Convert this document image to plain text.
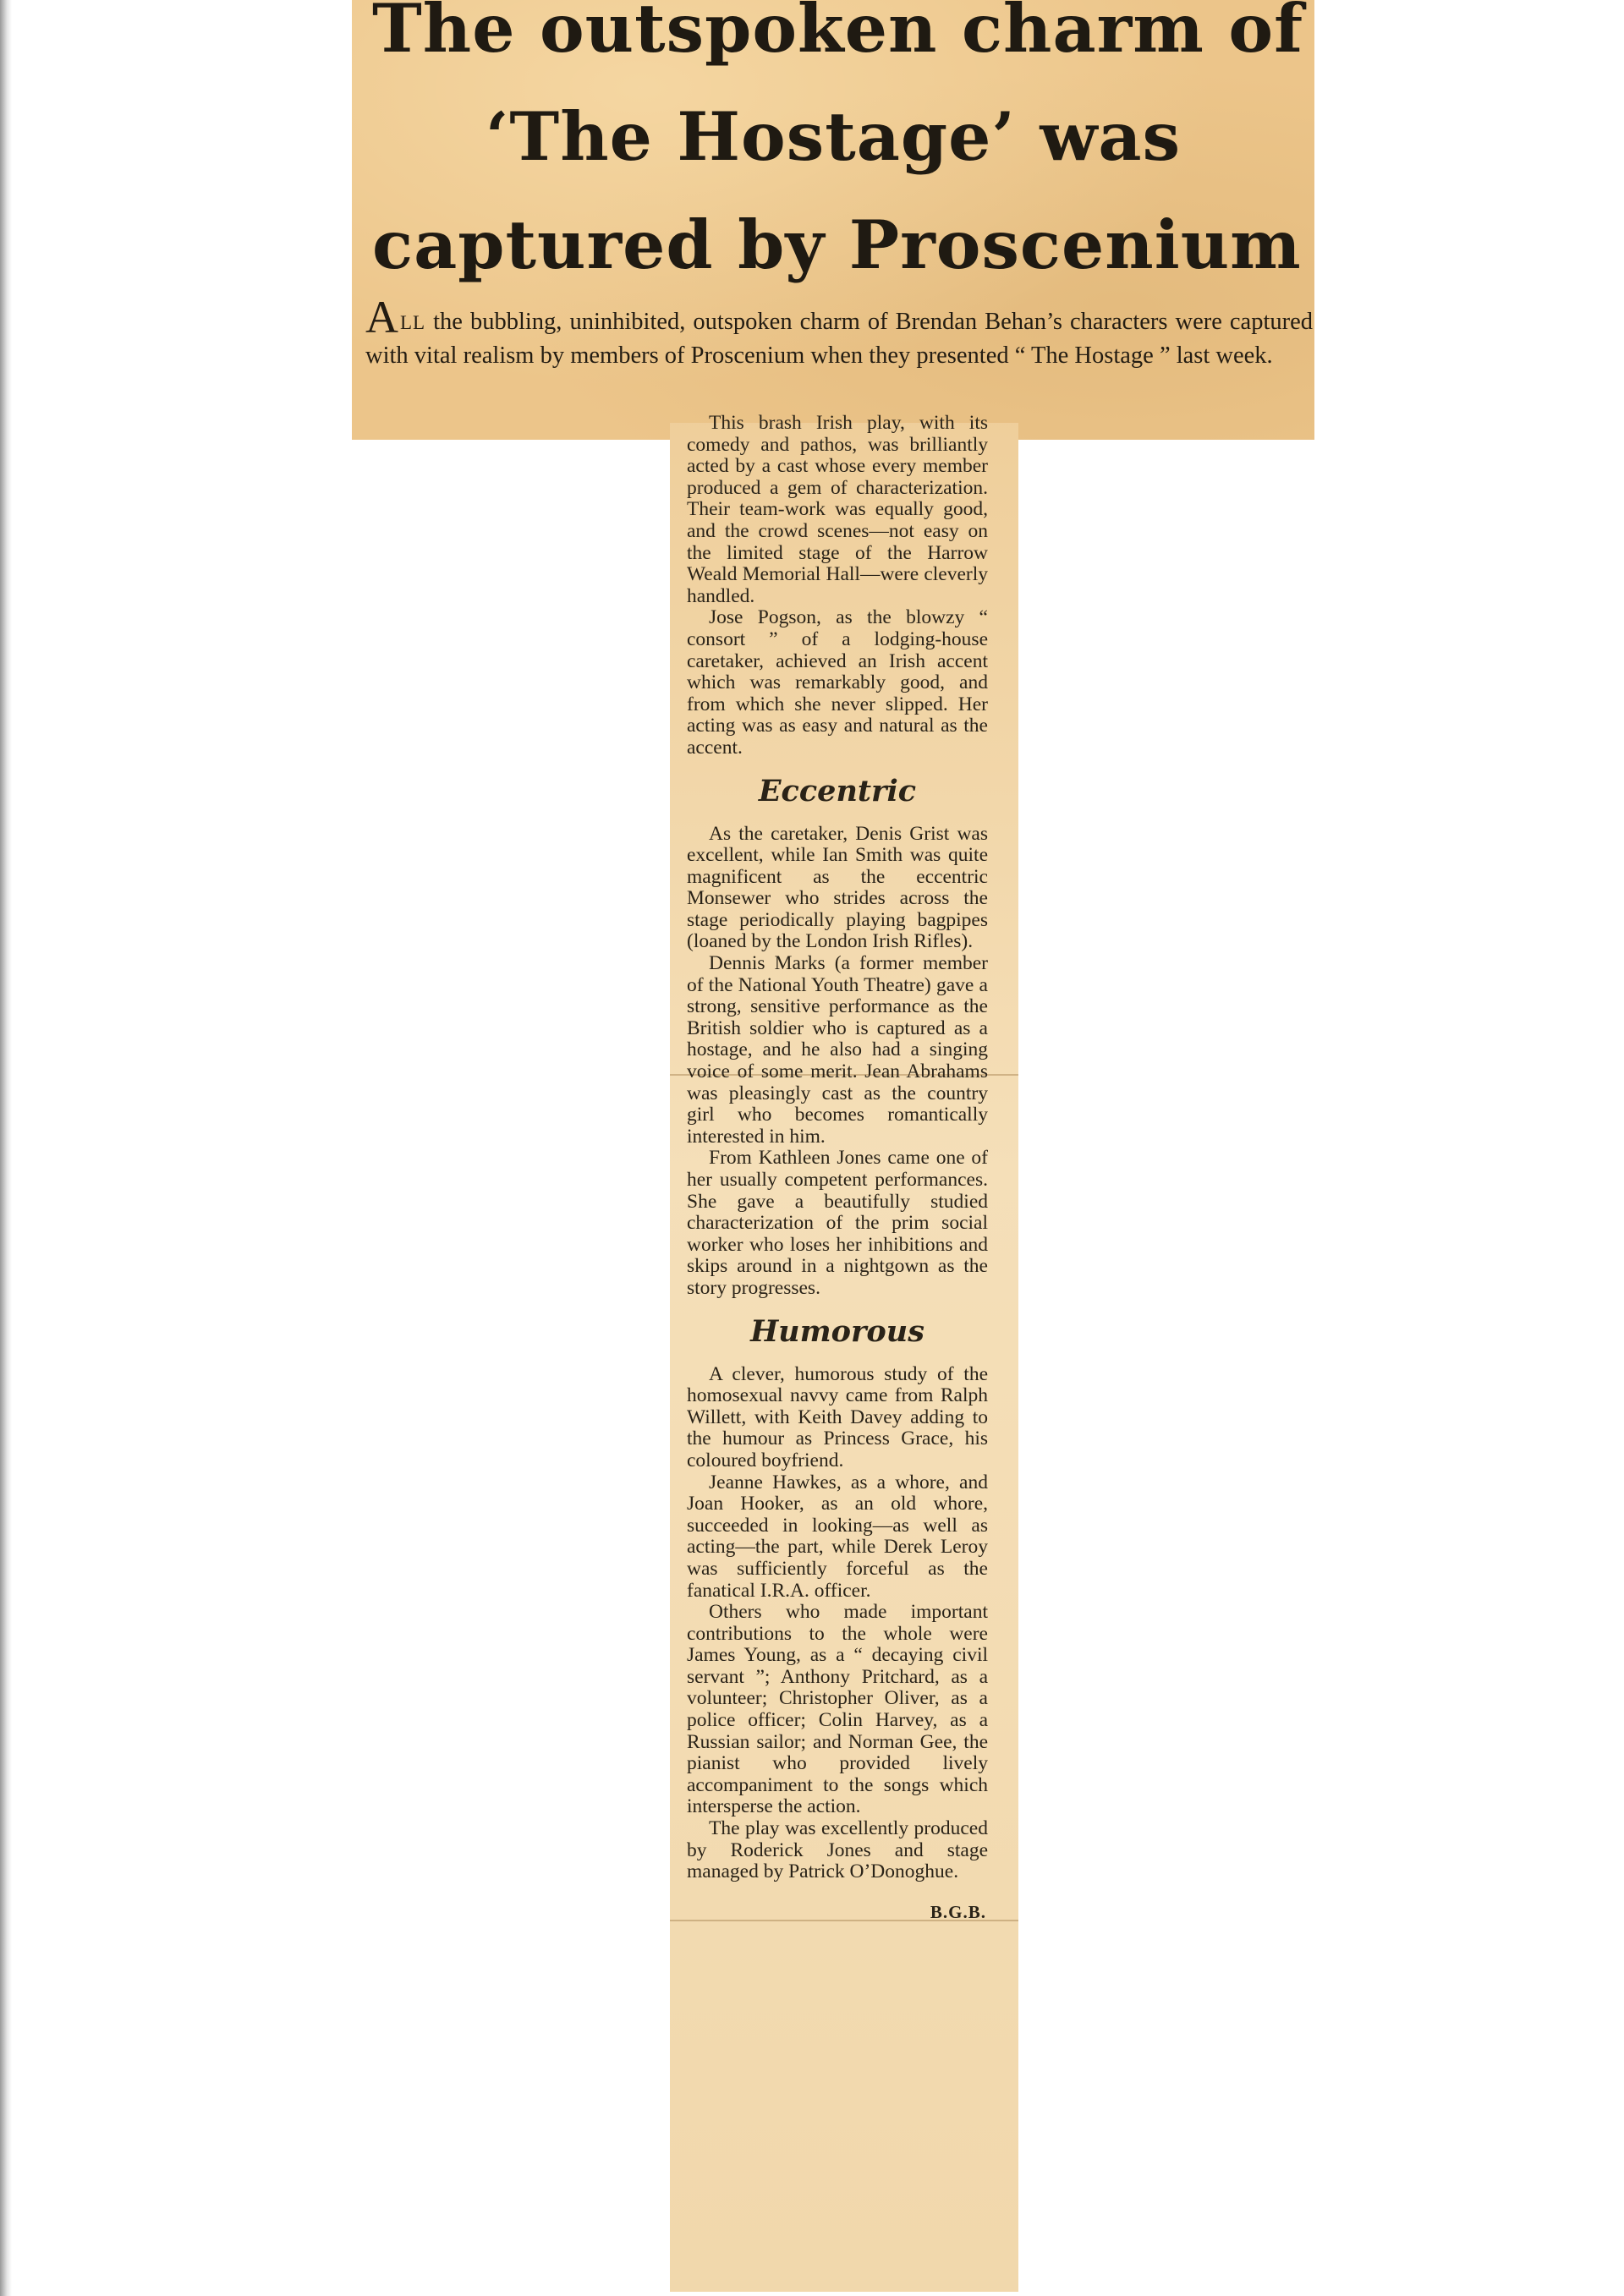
The outspoken charm of
‘The Hostage’ was
captured by Proscenium
ALL the bubbling, uninhibited, outspoken charm of Brendan Behan’s characters were captured with vital realism by members of Proscenium when they presented “ The Hostage ” last week.

This brash Irish play, with its comedy and pathos, was brilliantly acted by a cast whose every member produced a gem of characterization. Their team-work was equally good, and the crowd scenes—not easy on the limited stage of the Harrow Weald Memorial Hall—were cleverly handled.

Jose Pogson, as the blowzy “ consort ” of a lodging-house caretaker, achieved an Irish accent which was remarkably good, and from which she never slipped. Her acting was as easy and natural as the accent.

Eccentric

As the caretaker, Denis Grist was excellent, while Ian Smith was quite magnificent as the eccentric Monsewer who strides across the stage periodically playing bagpipes (loaned by the London Irish Rifles).

Dennis Marks (a former member of the National Youth Theatre) gave a strong, sensitive performance as the British soldier who is captured as a hostage, and he also had a singing voice of some merit. Jean Abrahams was pleasingly cast as the country girl who becomes romantically interested in him.

From Kathleen Jones came one of her usually competent performances. She gave a beautifully studied characterization of the prim social worker who loses her inhibitions and skips around in a nightgown as the story progresses.

Humorous

A clever, humorous study of the homosexual navvy came from Ralph Willett, with Keith Davey adding to the humour as Princess Grace, his coloured boyfriend.

Jeanne Hawkes, as a whore, and Joan Hooker, as an old whore, succeeded in looking—as well as acting—the part, while Derek Leroy was sufficiently forceful as the fanatical I.R.A. officer.

Others who made important contributions to the whole were James Young, as a “ decaying civil servant ”; Anthony Pritchard, as a volunteer; Christopher Oliver, as a police officer; Colin Harvey, as a Russian sailor; and Norman Gee, the pianist who provided lively accompaniment to the songs which intersperse the action.

The play was excellently produced by Roderick Jones and stage managed by Patrick O’Donoghue.

B.G.B.
